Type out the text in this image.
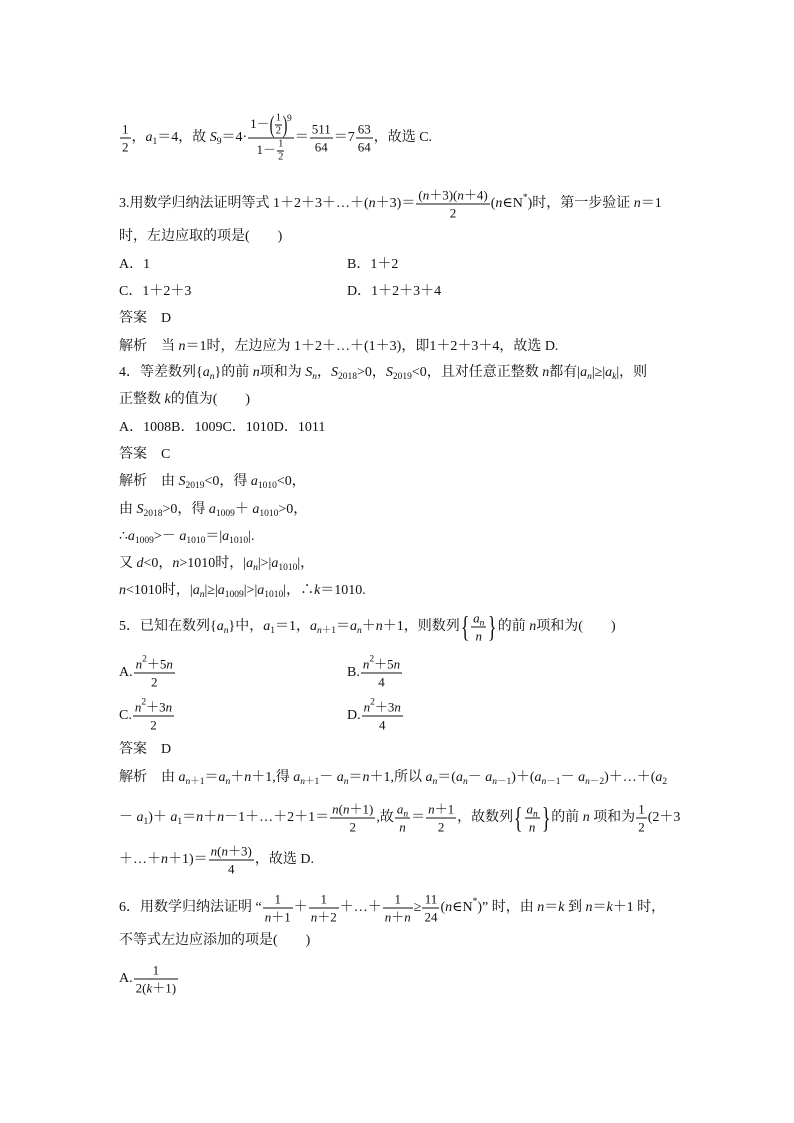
$\frac{1}{2}$ ，$a_1=4$，故 $S_9=4\cdot \frac{1-( \frac{1}{2} )^9}{1- \frac{1}{2}} = \frac{511}{64} =7 \frac{63}{64}$ ，故选 C.
3.用数学归纳法证明等式 1＋2＋3＋…＋(n＋3)＝ $\frac{(n+3)(n+4)}{2}$ (n∈N*)时，第一步验证 n＝1
时，左边应取的项是(　　)
A．1	B．1＋2
C．1＋2＋3	D．1＋2＋3＋4
答案　D
解析　当 n＝1时，左边应为 1＋2＋…＋(1＋3)，即1＋2＋3＋4，故选 D.
4．等差数列$\{a_n\}$的前 n项和为 $S_n$，$S_{2018}>0$，$S_{2019}<0$，且对任意正整数 n都有$|a_n|\ge|a_k|$，则
正整数 k的值为(　　)
A．1008B．1009C．1010D．1011
答案　C
解析　由 $S_{2019}<0$，得 $a_{1010}<0$，
由 $S_{2018}>0$，得 $a_{1009}+ a_{1010}>0$，
$\therefore a_{1009}>- a_{1010}=|a_{1010}|$.
又 d<0，n>1010时，$|a_n|>|a_{1010}|$，
n<1010时，$|a_n|\ge|a_{1009}|>|a_{1010}|$，∴k＝1010.
5．已知在数列$\{a_n\}$中，$a_1=1$，$a_{n+1}=a_n+n+1$，则数列{ $\frac{a_n}{n}$ }的前 n项和为(　　)
A. $\frac{n^2+5n}{2}$	B. $\frac{n^2+5n}{4}$
C. $\frac{n^2+3n}{2}$	D. $\frac{n^2+3n}{4}$
答案　D
解析　由 $a_{n+1}=a_n+n+1$,得 $a_{n+1}- a_n=n+1$,所以 $a_n=(a_n- a_{n-1})+(a_{n-1}-$ $a_{n-2})+\dots+(a_2$
－ $a_1)+$ $a_1=n+n-1+\dots+2+1= \frac{n(n+1)}{2}$ ,故 $\frac{a_n}{n} = \frac{n+1}{2}$ ，故数列{ $\frac{a_n}{n}$ }的前 n 项和为 $\frac{1}{2} (2+3$
＋…＋n＋1)＝ $\frac{n(n+3)}{4}$ ，故选 D.
6．用数学归纳法证明 “ $\frac{1}{n+1} + \frac{1}{n+2}$ ＋…＋ $\frac{1}{n+n} \ge \frac{11}{24}$ (n∈N*)” 时，由 n＝k 到 n＝k＋1 时，
不等式左边应添加的项是(　　)
A. $\frac{1}{2(k+1)}$
